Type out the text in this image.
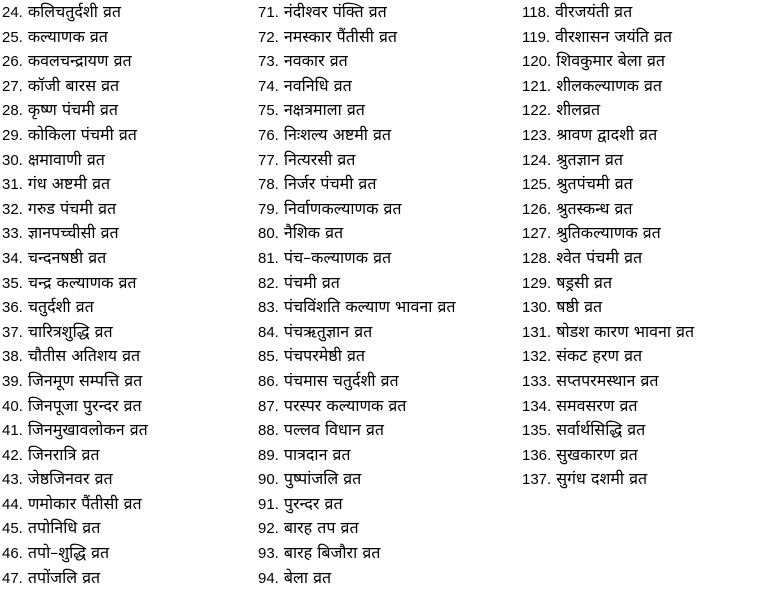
24. कलिचतुर्दशी व्रत
25. कल्याणक व्रत
26. कवलचन्द्रायण व्रत
27. कॉजी बारस व्रत
28. कृष्ण पंचमी व्रत
29. कोकिला पंचमी व्रत
30. क्षमावाणी व्रत
31. गंध अष्टमी व्रत
32. गरुड पंचमी व्रत
33. ज्ञानपच्चीसी व्रत
34. चन्दनषष्ठी व्रत
35. चन्द्र कल्याणक व्रत
36. चतुर्दशी व्रत
37. चारित्रशुद्धि व्रत
38. चौतीस अतिशय व्रत
39. जिनमूण सम्पत्ति व्रत
40. जिनपूजा पुरन्दर व्रत
41. जिनमुखावलोकन व्रत
42. जिनरात्रि व्रत
43. जेष्ठजिनवर व्रत
44. णमोकार पैंतीसी व्रत
45. तपोनिधि व्रत
46. तपो–शुद्धि व्रत
47. तपोंजलि व्रत
71. नंदीश्वर पंक्ति व्रत
72. नमस्कार पैंतीसी व्रत
73. नवकार व्रत
74. नवनिधि व्रत
75. नक्षत्रमाला व्रत
76. निःशल्य अष्टमी व्रत
77. नित्यरसी व्रत
78. निर्जर पंचमी व्रत
79. निर्वाणकल्याणक व्रत
80. नैशिक व्रत
81. पंच–कल्याणक व्रत
82. पंचमी व्रत
83. पंचविंशति कल्याण भावना व्रत
84. पंचऋतुज्ञान व्रत
85. पंचपरमेष्ठी व्रत
86. पंचमास चतुर्दशी व्रत
87. परस्पर कल्याणक व्रत
88. पल्लव विधान व्रत
89. पात्रदान व्रत
90. पुष्पांजलि व्रत
91. पुरन्दर व्रत
92. बारह तप व्रत
93. बारह बिजौरा व्रत
94. बेला व्रत
118. वीरजयंती व्रत
119. वीरशासन जयंति व्रत
120. शिवकुमार बेला व्रत
121. शीलकल्याणक व्रत
122. शीलव्रत
123. श्रावण द्वादशी व्रत
124. श्रुतज्ञान व्रत
125. श्रुतपंचमी व्रत
126. श्रुतस्कन्ध व्रत
127. श्रुतिकल्याणक व्रत
128. श्वेत पंचमी व्रत
129. षड्रसी व्रत
130. षष्ठी व्रत
131. षोडश कारण भावना व्रत
132. संकट हरण व्रत
133. सप्तपरमस्थान व्रत
134. समवसरण व्रत
135. सर्वार्थसिद्धि व्रत
136. सुखकारण व्रत
137. सुगंध दशमी व्रत
